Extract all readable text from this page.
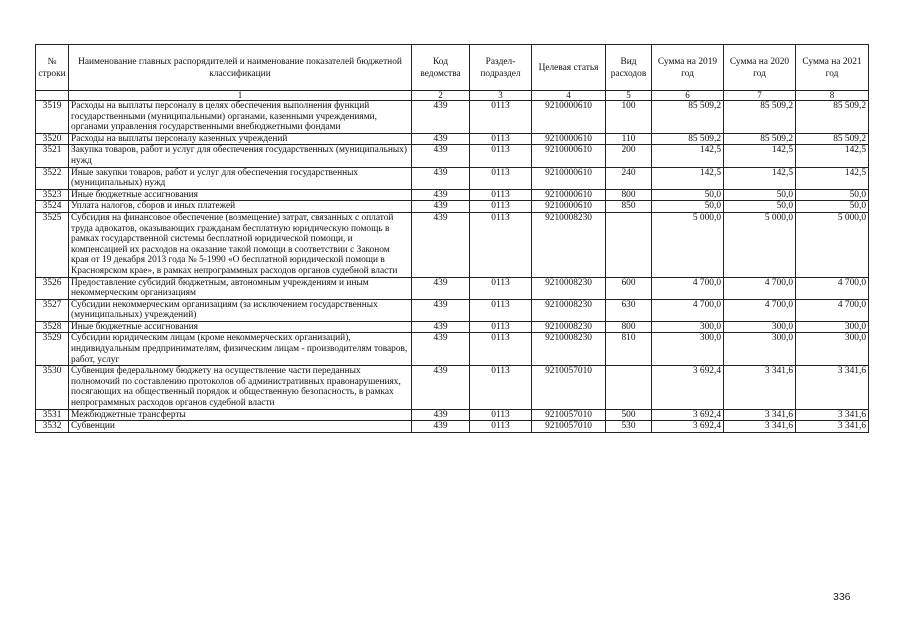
№ строки	Наименование главных распорядителей и наименование показателей бюджетной классификации	Код ведомства	Раздел-подраздел	Целевая статья	Вид расходов	Сумма на 2019 год	Сумма на 2020 год	Сумма на 2021 год
	1	2	3	4	5	6	7	8
3519	Расходы на выплаты персоналу в целях обеспечения выполнения функций государственными (муниципальными) органами, казенными учреждениями, органами управления государственными внебюджетными фондами	439	0113	9210000610	100	85 509,2	85 509,2	85 509,2
3520	Расходы на выплаты персоналу казенных учреждений	439	0113	9210000610	110	85 509,2	85 509,2	85 509,2
3521	Закупка товаров, работ и услуг для обеспечения государственных (муниципальных) нужд	439	0113	9210000610	200	142,5	142,5	142,5
3522	Иные закупки товаров, работ и услуг для обеспечения государственных (муниципальных) нужд	439	0113	9210000610	240	142,5	142,5	142,5
3523	Иные бюджетные ассигнования	439	0113	9210000610	800	50,0	50,0	50,0
3524	Уплата налогов, сборов и иных платежей	439	0113	9210000610	850	50,0	50,0	50,0
3525	Субсидия на финансовое обеспечение (возмещение) затрат, связанных с оплатой труда адвокатов, оказывающих гражданам бесплатную юридическую помощь в рамках государственной системы бесплатной юридической помощи, и компенсацией их расходов на оказание такой помощи в соответствии с Законом края от 19 декабря 2013 года № 5-1990 «О бесплатной юридической помощи в Красноярском крае», в рамках непрограммных расходов органов судебной власти	439	0113	9210008230		5 000,0	5 000,0	5 000,0
3526	Предоставление субсидий бюджетным, автономным учреждениям и иным некоммерческим организациям	439	0113	9210008230	600	4 700,0	4 700,0	4 700,0
3527	Субсидии некоммерческим организациям (за исключением государственных (муниципальных) учреждений)	439	0113	9210008230	630	4 700,0	4 700,0	4 700,0
3528	Иные бюджетные ассигнования	439	0113	9210008230	800	300,0	300,0	300,0
3529	Субсидии юридическим лицам (кроме некоммерческих организаций), индивидуальным предпринимателям, физическим лицам - производителям товаров, работ, услуг	439	0113	9210008230	810	300,0	300,0	300,0
3530	Субвенция федеральному бюджету на осуществление части переданных полномочий по составлению протоколов об административных правонарушениях, посягающих на общественный порядок и общественную безопасность, в рамках непрограммных расходов органов судебной власти	439	0113	9210057010		3 692,4	3 341,6	3 341,6
3531	Межбюджетные трансферты	439	0113	9210057010	500	3 692,4	3 341,6	3 341,6
3532	Субвенции	439	0113	9210057010	530	3 692,4	3 341,6	3 341,6
336
